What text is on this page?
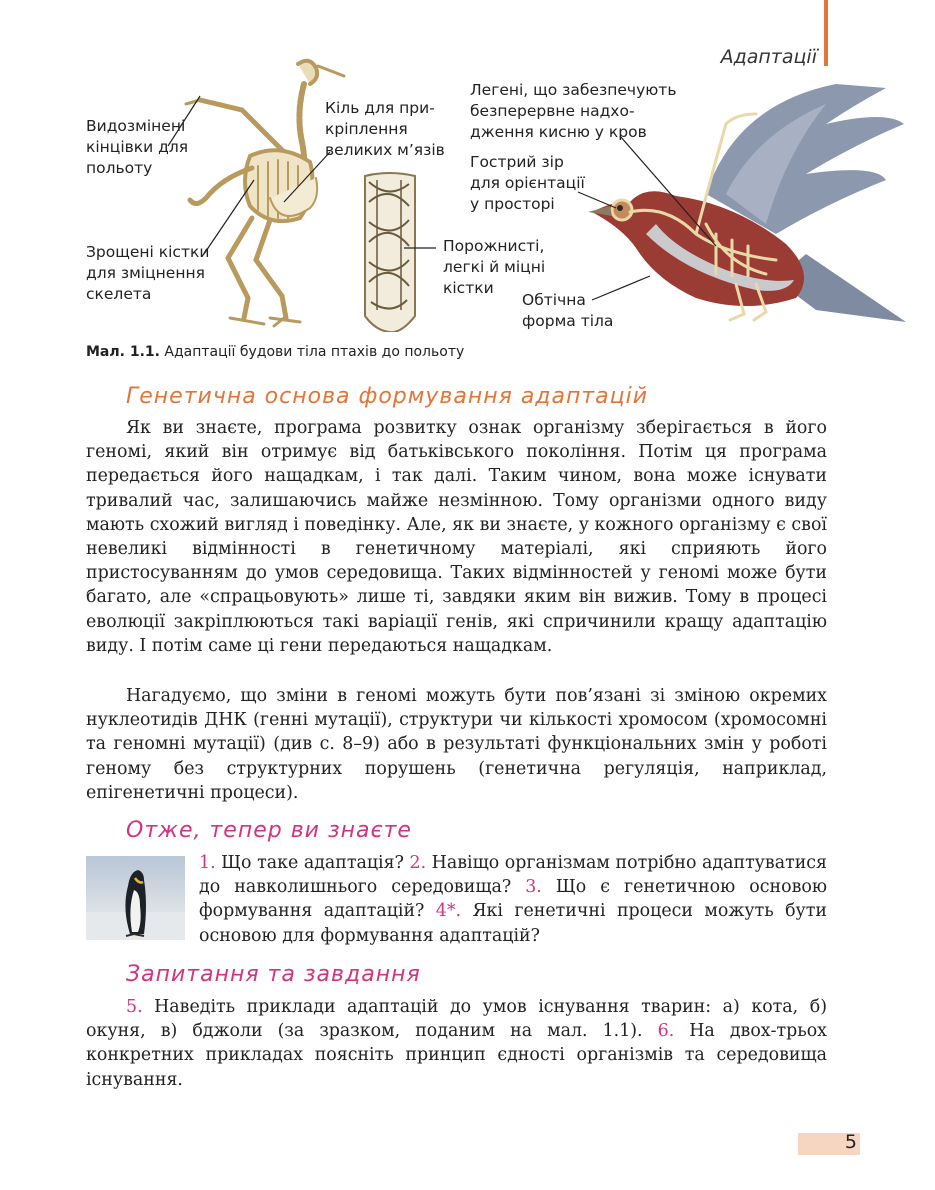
Адаптації
Видозмінені
кінцівки для
польоту
Кіль для при-
кріплення
великих м’язів
Зрощені кістки
для зміцнення
скелета
Порожнисті,
легкі й міцні
кістки
Легені, що забезпечують
безперервне надхо-
дження кисню у кров
Гострий зір
для орієнтації
у просторі
Обтічна
форма тіла
Мал. 1.1. Адаптації будови тіла птахів до польоту
Генетична основа формування адаптацій
Як ви знаєте, програма розвитку ознак організму зберігається в його геномі, який він отримує від батьківського покоління. Потім ця програма передається його нащадкам, і так далі. Таким чином, вона може існувати тривалий час, залишаючись майже незмінною. Тому організми одного виду мають схожий вигляд і поведінку. Але, як ви знаєте, у кожного організму є свої невеликі відмінності в генетичному матеріалі, які сприяють його пристосуванням до умов середовища. Таких відмінностей у геномі може бути багато, але «спрацьовують» лише ті, завдяки яким він вижив. Тому в процесі еволюції закріплюються такі варіації генів, які спричинили кращу адаптацію виду. І потім саме ці гени передаються нащадкам.
Нагадуємо, що зміни в геномі можуть бути пов’язані зі зміною окремих нуклеотидів ДНК (генні мутації), структури чи кількості хромосом (хромосомні та геномні мутації) (див с. 8–9) або в результаті функціональних змін у роботі геному без структурних порушень (генетична регуляція, наприклад, епігенетичні процеси).
Отже, тепер ви знаєте
1. Що таке адаптація? 2. Навіщо організмам потрібно адаптуватися до навколишнього середовища? 3. Що є генетичною основою формування адаптацій? 4*. Які генетичні процеси можуть бути основою для формування адаптацій?
Запитання та завдання
5. Наведіть приклади адаптацій до умов існування тварин: а) кота, б) окуня, в) бджоли (за зразком, поданим на мал. 1.1). 6. На двох-трьох конкретних прикладах поясніть принцип єдності організмів та середовища існування.
5
